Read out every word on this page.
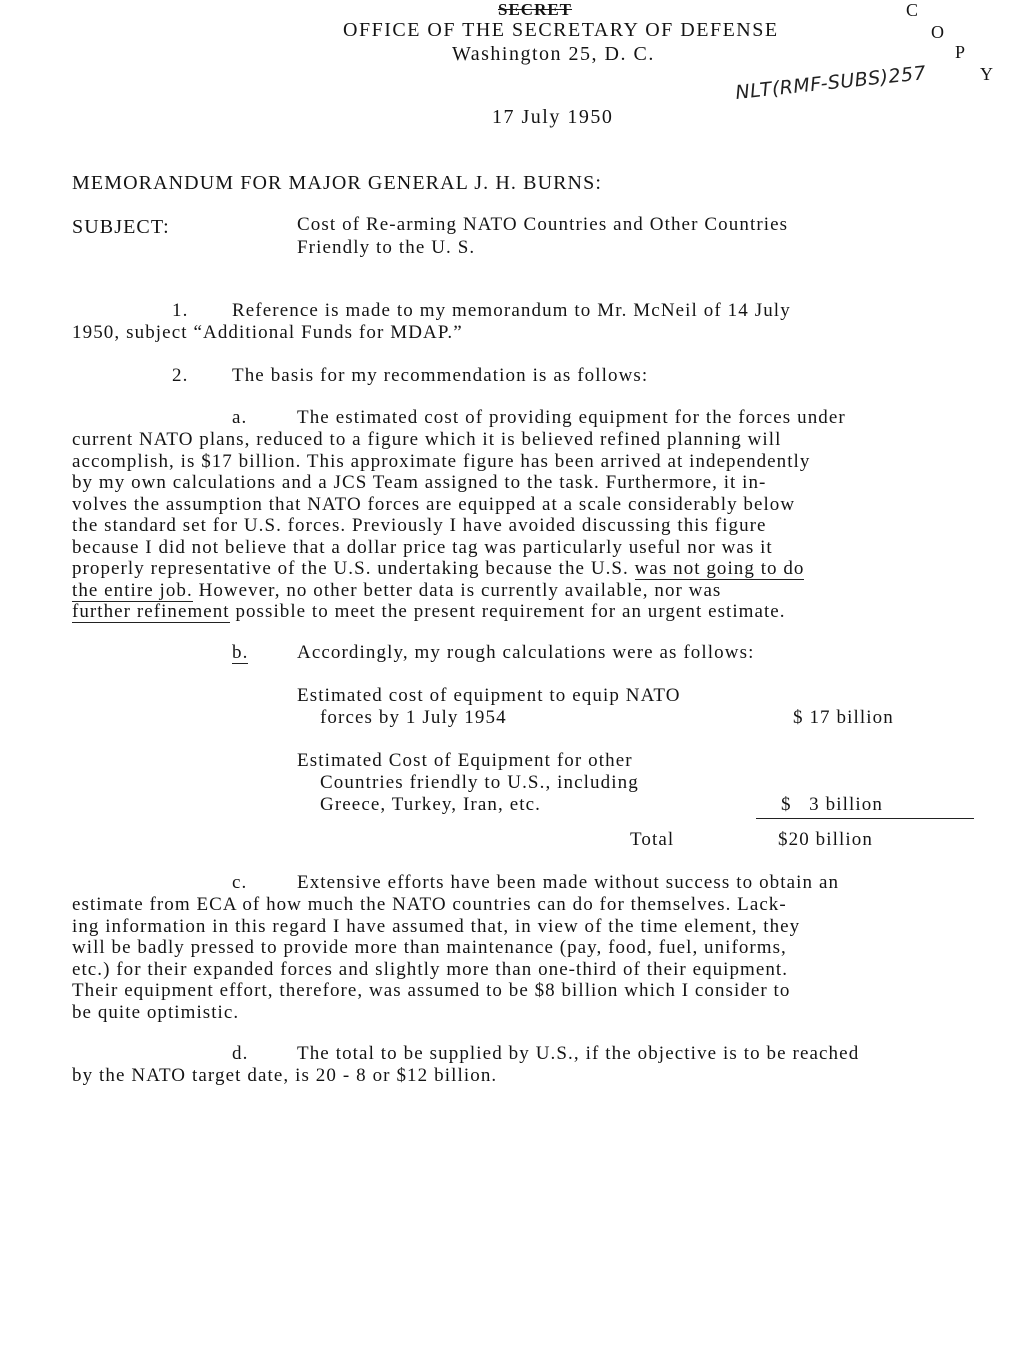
SECRET
OFFICE OF THE SECRETARY OF DEFENSE
Washington 25, D. C.
C
O
P
Y
NLT(RMF-SUBS)257
17 July 1950
MEMORANDUM FOR MAJOR GENERAL J. H. BURNS:
SUBJECT:	Cost of Re-arming NATO Countries and Other Countries
Friendly to the U. S.
1. Reference is made to my memorandum to Mr. McNeil of 14 July
1950, subject “Additional Funds for MDAP.”
2. The basis for my recommendation is as follows:
a.	The estimated cost of providing equipment for the forces under
current NATO plans, reduced to a figure which it is believed refined planning will
accomplish, is $17 billion. This approximate figure has been arrived at independently
by my own calculations and a JCS Team assigned to the task. Furthermore, it in-
volves the assumption that NATO forces are equipped at a scale considerably below
the standard set for U.S. forces. Previously I have avoided discussing this figure
because I did not believe that a dollar price tag was particularly useful nor was it
properly representative of the U.S. undertaking because the U.S. was not going to do
the entire job. However, no other better data is currently available, nor was
further refinement possible to meet the present requirement for an urgent estimate.
b.	Accordingly, my rough calculations were as follows:
Estimated cost of equipment to equip NATO
forces by 1 July 1954	$ 17 billion
Estimated Cost of Equipment for other
Countries friendly to U.S., including
Greece, Turkey, Iran, etc.	$   3 billion
Total	$20 billion
c.	Extensive efforts have been made without success to obtain an
estimate from ECA of how much the NATO countries can do for themselves. Lack-
ing information in this regard I have assumed that, in view of the time element, they
will be badly pressed to provide more than maintenance (pay, food, fuel, uniforms,
etc.) for their expanded forces and slightly more than one-third of their equipment.
Their equipment effort, therefore, was assumed to be $8 billion which I consider to
be quite optimistic.
d.	The total to be supplied by U.S., if the objective is to be reached
by the NATO target date, is 20 - 8 or $12 billion.
